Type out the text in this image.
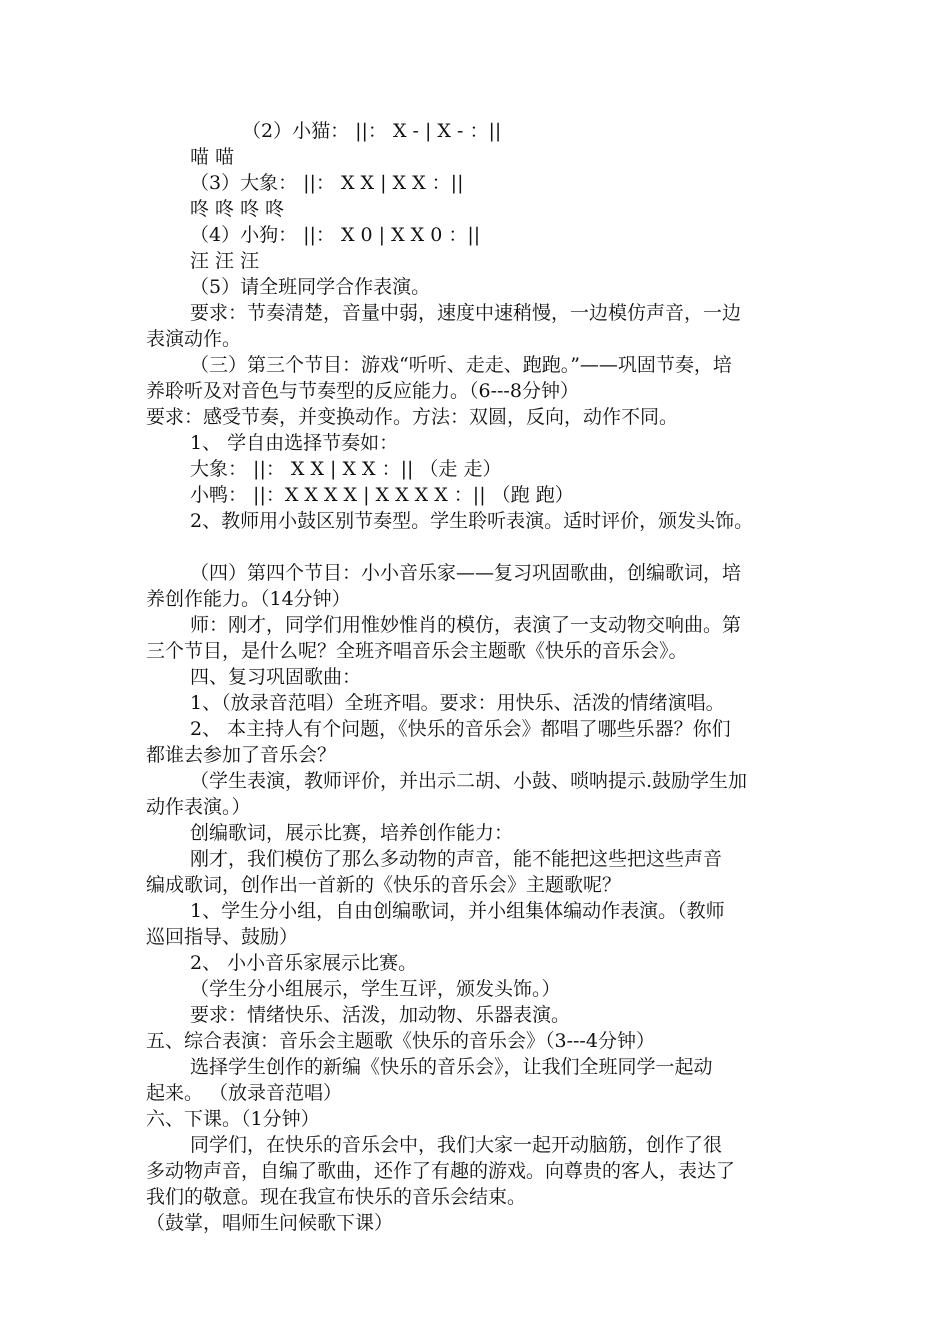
（2）小猫： ||： X - | X - ：||
喵 喵
（3）大象： ||： X X | X X ：||
咚 咚 咚 咚
（4）小狗： ||： X 0 | X X 0 ：||
汪 汪 汪
（5）请全班同学合作表演。
要求：节奏清楚，音量中弱，速度中速稍慢，一边模仿声音，一边
表演动作。
（三）第三个节目：游戏“听听、走走、跑跑。”——巩固节奏，培
养聆听及对音色与节奏型的反应能力。（6---8分钟）
要求：感受节奏，并变换动作。方法：双圆，反向，动作不同。
1、 学自由选择节奏如：
大象： ||： X X | X X ：|| （走 走）
小鸭： ||：X X X X | X X X X ：|| （跑 跑）
2、教师用小鼓区别节奏型。学生聆听表演。适时评价，颁发头饰。
（四）第四个节目：小小音乐家——复习巩固歌曲，创编歌词，培
养创作能力。（14分钟）
师：刚才，同学们用惟妙惟肖的模仿，表演了一支动物交响曲。第
三个节目，是什么呢？全班齐唱音乐会主题歌《快乐的音乐会》。
四、复习巩固歌曲：
1、（放录音范唱）全班齐唱。要求：用快乐、活泼的情绪演唱。
2、 本主持人有个问题，《快乐的音乐会》都唱了哪些乐器？你们
都谁去参加了音乐会？
（学生表演，教师评价，并出示二胡、小鼓、唢呐提示.鼓励学生加
动作表演。）
创编歌词，展示比赛，培养创作能力：
刚才，我们模仿了那么多动物的声音，能不能把这些把这些声音
编成歌词，创作出一首新的《快乐的音乐会》主题歌呢？
1、学生分小组，自由创编歌词，并小组集体编动作表演。（教师
巡回指导、鼓励）
2、 小小音乐家展示比赛。
（学生分小组展示，学生互评，颁发头饰。）
要求：情绪快乐、活泼，加动物、乐器表演。
五、综合表演：音乐会主题歌《快乐的音乐会》（3---4分钟）
选择学生创作的新编《快乐的音乐会》，让我们全班同学一起动
起来。 （放录音范唱）
六、下课。（1分钟）
同学们，在快乐的音乐会中，我们大家一起开动脑筋，创作了很
多动物声音，自编了歌曲，还作了有趣的游戏。向尊贵的客人，表达了
我们的敬意。现在我宣布快乐的音乐会结束。
（鼓掌，唱师生问候歌下课）
